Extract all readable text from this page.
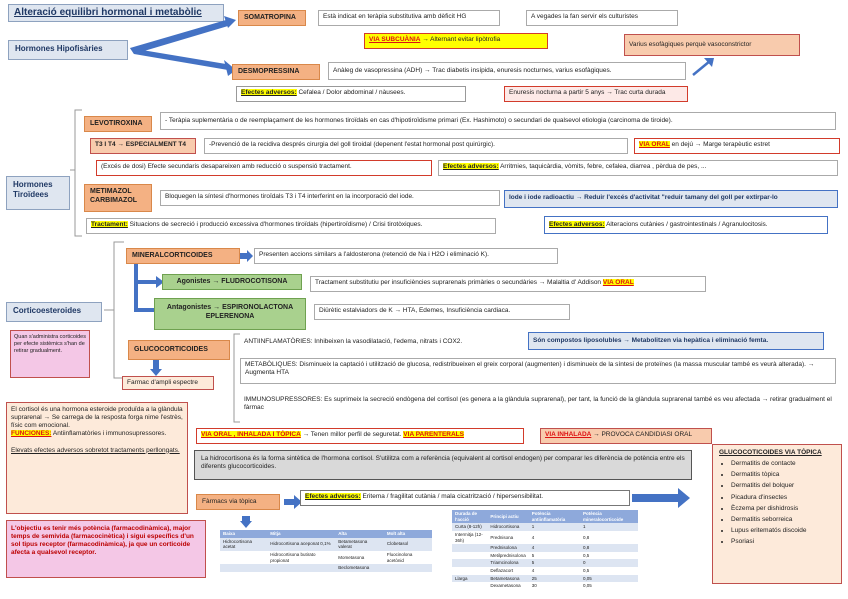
Alteració equilibri hormonal i metabòlic
Hormones Hipofisàries
SOMATROPINA	Està indicat en teràpia substitutiva amb dèficit HG	A vegades la fan servir els culturistes
VIA SUBCUÀNIA → Alternant evitar lipòtrofia
Varius esofàgiques perquè vasoconstrictor
DESMOPRESSINA	Anàleg de vasopressina (ADH) → Trac diabetis insípida, enuresis nocturnes, varius esofàgiques.
Efectes adversos: Cefalea / Dolor abdominal / nàusees.	Enuresis nocturna a partir 5 anys → Trac curta durada
Hormones Tiroïdees
LEVOTIROXINA	- Teràpia suplementària o de reemplaçament de les hormones tiroïdals en cas d'hipotiroïdisme primari (Ex. Hashimoto) o secundari de qualsevol etiologia (carcinoma de tiroide).
T3 I T4 → ESPECIALMENT T4	-Prevenció de la recidiva després cirurgia del goll tiroidal (depenent l'estat hormonal post quirúrgic).	VIA ORAL en dejú → Marge terapèutic estret
(Excés de dosi) Efecte secundaris desapareixen amb reducció o suspensió tractament.	Efectes adversos: Arritmies, taquicàrdia, vòmits, febre, cefalea, diarrea , pèrdua de pes, ...
METIMAZOL CARBIMAZOL
Bloquegen la síntesi d'hormones tiroïdals T3 i T4 interferint en la incorporació del iode.	Iode i iode radioactiu → Reduir l'excés d'activitat "reduir tamany del goll per extirpar-lo
Tractament: Situacions de secreció i producció excessiva d'hormones tiroïdals (hipertiroïdisme) / Crisi tirotòxiques.	Efectes adversos: Alteracions cutànies / gastrointestinals / Agranulocitosis.
Corticoesteroides
Quan s'administra corticoides per efecte sistèmics s'han de retirar gradualment.
MINERALCORTICOIDES	Presenten accions similars a l'aldosterona (retenció de Na i H2O i eliminació K).
Agonistes → FLUDROCOTISONA	Tractament substitutiu per insuficiències suprarenals primàries o secundàries → Malaltia d' Addison VIA ORAL
Antagonistes → ESPIRONOLACTONA EPLERENONA
Diürètic estalviadors de K → HTA, Edemes, Insuficiència cardiaca.
GLUCOCORTICOIDES
Farmac d'ampli espectre
ANTIINFLAMATÒRIES: Inhibeixen la vasodilatació, l'edema, nitrats i COX2.	Són compostos liposolubles → Metabolitzen via hepàtica i eliminació femta.
METABÒLIQUES: Disminueix la captació i utilització de glucosa, redistribueixen el greix corporal (augmenten) i disminueix de la síntesi de proteïnes (la massa muscular també es veurà alterada). → Augmenta HTA
IMMUNOSUPRESSORES: Es suprimeix la secreció endògena del cortisol (es genera a la glàndula suprarenal), per tant, la funció de la glàndula suprarenal també es veu afectada → retirar gradualment el fàrmac
El cortisol és una hormona esteroide produïda a la glàndula suprarenal → Se carrega de la resposta forga nime l'estrès, físic com emocional.
FUNCIONES: Antiinflamatòries i immunosupressores.
Elevats efectes adversos sobretot tractaments perllongats.
VIA ORAL , INHALADA I TÒPICA → Tenen millor perfil de seguretat. VIA PARENTERALS	VIA INHALADA → PROVOCA CANDIDIASI ORAL
La hidrocortisona és la forma sintètica de l'hormona cortisol. S'utilitza com a referència (equivalent al cortisol endogen) per comparar les diferència de potència entre els diferents glucocorticoides.
Fàrmacs via tòpica
Efectes adversos: Eritema / fragilitat cutània / mala cicatrització / hipersensibilitat.
L'objectiu es tenir més potència (farmacodinàmica), major temps de semivida (farmacocinètica) i sigui específics d'un sol tipus receptor (farmacodinàmica), ja que un corticoide afecta a qualsevol receptor.
Baixa	Mitja	Alta	Molt alta
Hidrocortisona acetat	Hidrocortisona aceponat 0,1%	Betametasona valerat	Clobetasol
	Hidrocortisona butirato propionat	Mometasona	Fluocinolona acetònid
		Beclometasona	
Durada de l'acció	Principi actiu	Potència antiinflamatòria	Potència mineralocorticoide
Curta (8-12h)	Hidrocortisona	1	1
Intermitja (12-36h)	Prednisona	4	0,8
	Prednisolona	4	0,8
	Metilprednisolona	5	0,5
	Triamcinolona	5	0
	Deflazacort	4	0,5
Llarga	Betametasona	25	0,05
	Dexametasona	30	0,05
GLUCOCOTICOIDES VIA TÒPICA
• Dermatitis de contacte
• Dermatitis tòpica
• Dermatitis del bolquer
• Picadura d'insectes
• Èczema per dishidrosis
• Dermatitis seborreica
• Lupus eritematós discoide
• Psoriasi
